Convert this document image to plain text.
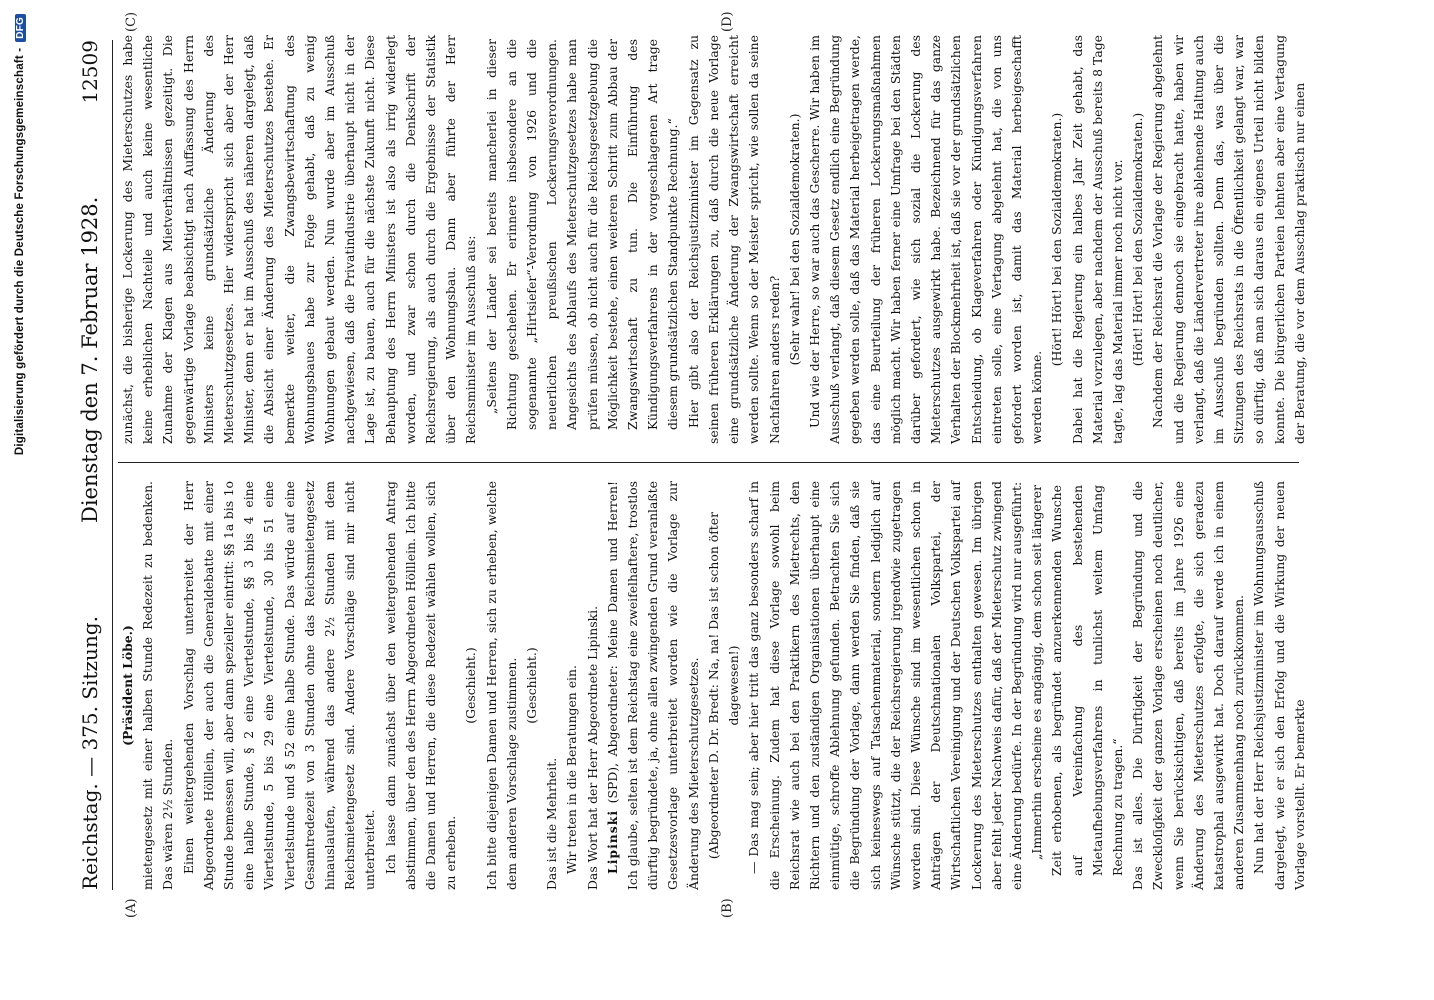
Reichstag. — 375. Sitzung.
Dienstag den 7. Februar 1928.
12509
(A)	(B)
(C)	(D)

(Präsident Löbe.) mietengesetz mit einer halben Stunde Redezeit zu bedenken. Das wären 2½ Stunden. Einen weitergehenden Vorschlag unterbreitet der Herr Abgeordnete Hölllein, der auch die Generaldebatte mit einer Stunde bemessen will, aber dann spezieller eintritt: §§ 1a bis 1o eine halbe Stunde, § 2 eine Viertelstunde, §§ 3 bis 4 eine Viertelstunde, 5 bis 29 eine Viertelstunde, 30 bis 51 eine Viertelstunde und § 52 eine halbe Stunde. Das würde auf eine Gesamtredezeit von 3 Stunden ohne das Reichsmietengesetz hinauslaufen, während das andere 2½ Stunden mit dem Reichsmietengesetz sind. Andere Vorschläge sind mir nicht unterbreitet. Ich lasse dann zunächst über den weitergehenden Antrag abstimmen, über den des Herrn Abgeordneten Hölllein. Ich bitte die Damen und Herren, die diese Redezeit wählen wollen, sich zu erheben.

(Geschieht.) Ich bitte diejenigen Damen und Herren, sich zu erheben, welche dem anderen Vorschlage zustimmen. (Geschieht.)

Das ist die Mehrheit. Wir treten in die Beratungen ein. Das Wort hat der Herr Abgeordnete Lipinski. Lipinski (SPD), Abgeordneter: Meine Damen und Herren! Ich glaube, selten ist dem Reichstag eine zweifelhaftere, trostlos dürftig begründete, ja, ohne allen zwingenden Grund veranlaßte Gesetzesvorlage unterbreitet worden wie die Vorlage zur Änderung des Mieterschutzgesetzes. (Abgeordneter D. Dr. Bredt: Na, na! Das ist schon öfter dagewesen!) — Das mag sein; aber hier tritt das ganz besonders scharf in die Erscheinung. Zudem hat diese Vorlage sowohl beim Reichsrat wie auch bei den Praktikern des Mietrechts, den Richtern und den zuständigen Organisationen überhaupt eine einmütige, schroffe Ablehnung gefunden. Betrachten Sie sich die Begründung der Vorlage, dann werden Sie finden, daß sie sich keineswegs auf Tatsachenmaterial, sondern lediglich auf Wünsche stützt, die der Reichsregierung irgendwie zugetragen worden sind. Diese Wünsche sind im wesentlichen schon in Anträgen der Deutschnationalen Volkspartei, der Wirtschaftlichen Vereinigung und der Deutschen Volkspartei auf Lockerung des Mieterschutzes enthalten gewesen. Im übrigen aber fehlt jeder Nachweis dafür, daß der Mieterschutz zwingend eine Änderung bedürfe. In der Begründung wird nur ausgeführt: „Immerhin erscheine es angängig, dem schon seit längerer Zeit erhobenen, als begründet anzuerkennenden Wunsche auf Vereinfachung des bestehenden Mietaufhebungsverfahrens in tunlichst weitem Umfang Rechnung zu tragen.“ Das ist alles. Die Dürftigkeit der Begründung und die Zweckloſigkeit der ganzen Vorlage erscheinen noch deutlicher, wenn Sie berücksichtigen, daß bereits im Jahre 1926 eine Änderung des Mieterschutzes erfolgte, die sich geradezu katastrophal ausgewirkt hat. Doch darauf werde ich in einem anderen Zusammenhang noch zurückkommen. Nun hat der Herr Reichsjustizminister im Wohnungsausschuß dargelegt, wie er sich den Erfolg und die Wirkung der neuen Vorlage vorstellt. Er bemerkte

zunächst, die bisherige Lockerung des Mieterschutzes habe keine erheblichen Nachteile und auch keine wesentliche Zunahme der Klagen aus Mietverhältnissen gezeitigt. Die gegenwärtige Vorlage beabsichtigt nach Auffassung des Herrn Ministers keine grundsätzliche Änderung des Mieterschutzgesetzes. Hier widerspricht sich aber der Herr Minister, denn er hat im Ausschuß des näheren dargelegt, daß die Absicht einer Änderung des Mieterschutzes bestehe. Er bemerkte weiter, die Zwangsbewirtschaftung des Wohnungsbaues habe zur Folge gehabt, daß zu wenig Wohnungen gebaut werden. Nun wurde aber im Ausschuß nachgewiesen, daß die Privatindustrie überhaupt nicht in der Lage ist, zu bauen, auch für die nächste Zukunft nicht. Diese Behauptung des Herrn Ministers ist also als irrig widerlegt worden, und zwar schon durch die Denkschrift der Reichsregierung, als auch durch die Ergebnisse der Statistik über den Wohnungsbau. Dann aber führte der Herr Reichsminister im Ausschuß aus: „Seitens der Länder sei bereits mancherlei in dieser Richtung geschehen. Er erinnere insbesondere an die sogenannte „Hirtsiefer“-Verordnung von 1926 und die neuerlichen preußischen Lockerungsverordnungen. Angesichts des Ablaufs des Mieterschutzgesetzes habe man prüfen müssen, ob nicht auch für die Reichsgesetzgebung die Möglichkeit bestehe, einen weiteren Schritt zum Abbau der Zwangswirtschaft zu tun. Die Einführung des Kündigungsverfahrens in der vorgeschlagenen Art trage diesem grundsätzlichen Standpunkte Rechnung.“ Hier gibt also der Reichsjustizminister im Gegensatz zu seinen früheren Erklärungen zu, daß durch die neue Vorlage eine grundsätzliche Änderung der Zwangswirtschaft erreicht werden sollte. Wenn so der Meister spricht, wie sollen da seine Nachfahren anders reden? (Sehr wahr! bei den Sozialdemokraten.) Und wie der Herre, so war auch das Gescherre. Wir haben im Ausschuß verlangt, daß diesem Gesetz endlich eine Begründung gegeben werden solle, daß das Material herbeigetragen werde, das eine Beurteilung der früheren Lockerungsmaßnahmen möglich macht. Wir haben ferner eine Umfrage bei den Städten darüber gefordert, wie sich sozial die Lockerung des Mieterschutzes ausgewirkt habe. Bezeichnend für das ganze Verhalten der Blockmehrheit ist, daß sie vor der grundsätzlichen Entscheidung, ob Klageverfahren oder Kündigungsverfahren eintreten solle, eine Vertagung abgelehnt hat, die von uns gefordert worden ist, damit das Material herbeigeschafft werden könne.

(Hört! Hört! bei den Sozialdemokraten.) Dabei hat die Regierung ein halbes Jahr Zeit gehabt, das Material vorzulegen, aber nachdem der Ausschuß bereits 8 Tage tagte, lag das Material immer noch nicht vor. (Hört! Hört! bei den Sozialdemokraten.) Nachdem der Reichsrat die Vorlage der Regierung abgelehnt und die Regierung dennoch sie eingebracht hatte, haben wir verlangt, daß die Ländervertreter ihre ablehnende Haltung auch im Ausschuß begründen sollten. Denn das, was über die Sitzungen des Reichsrats in die Öffentlichkeit gelangt war, war so dürftig, daß man sich daraus ein eigenes Urteil nicht bilden konnte. Die bürgerlichen Parteien lehnten aber eine Vertagung der Beratung, die vor dem Ausschlag praktisch nur einen

Digitalisierung gefördert durch die Deutsche Forschungsgemeinschaft -
DFG
